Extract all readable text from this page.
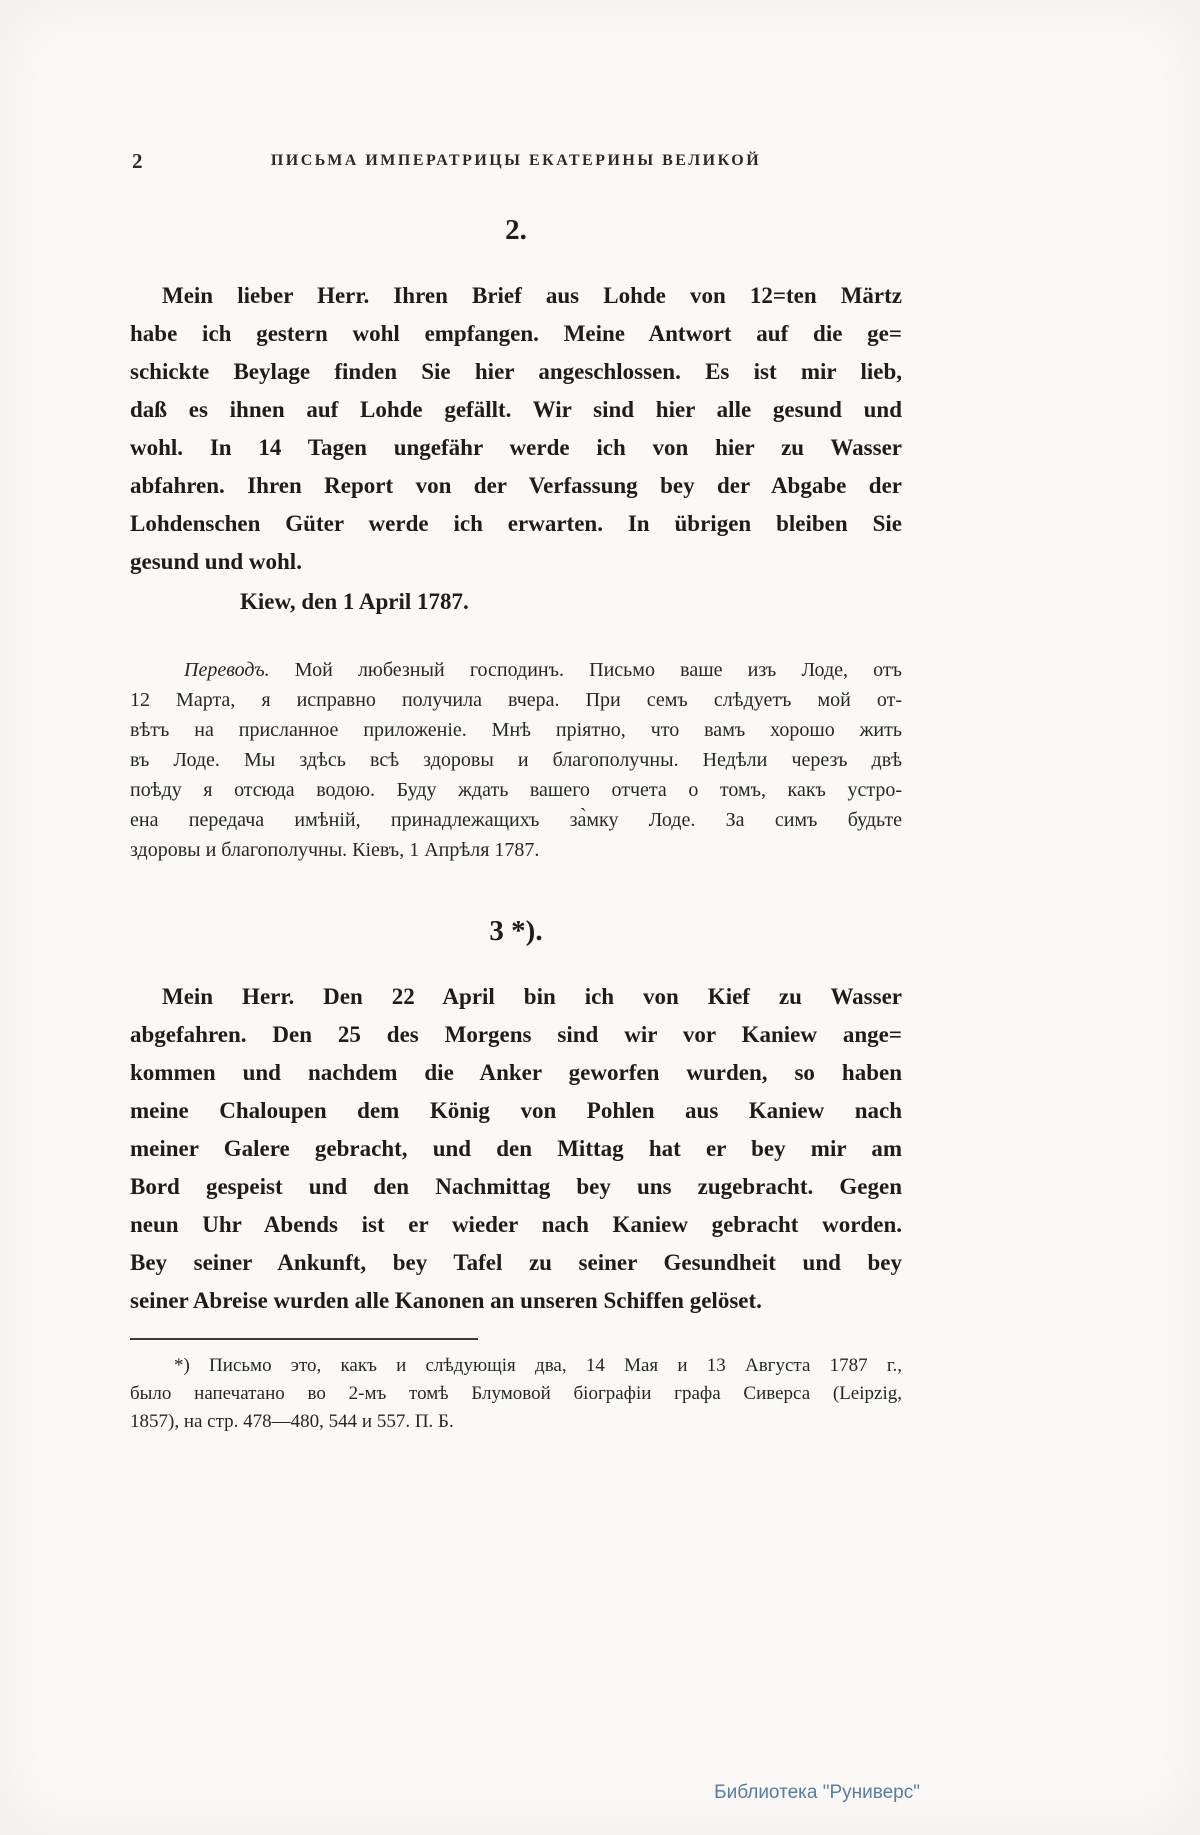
2	ПИСЬМА ИМПЕРАТРИЦЫ ЕКАТЕРИНЫ ВЕЛИКОЙ
2.
Mein lieber Herr. Ihren Brief aus Lohde von 12=ten Märtz
habe ich gestern wohl empfangen. Meine Antwort auf die ge=
schickte Beylage finden Sie hier angeschlossen. Es ist mir lieb,
daß es ihnen auf Lohde gefällt. Wir sind hier alle gesund und
wohl. In 14 Tagen ungefähr werde ich von hier zu Wasser
abfahren. Ihren Report von der Verfassung bey der Abgabe der
Lohdenschen Güter werde ich erwarten. In übrigen bleiben Sie
gesund und wohl.
Kiew, den 1 April 1787.
Переводъ. Мой любезный господинъ. Письмо ваше изъ Лоде, отъ
12 Марта, я исправно получила вчера. При семъ слѣдуетъ мой от-
вѣтъ на присланное приложеніе. Мнѣ пріятно, что вамъ хорошо жить
въ Лоде. Мы здѣсь всѣ здоровы и благополучны. Недѣли черезъ двѣ
поѣду я отсюда водою. Буду ждать вашего отчета о томъ, какъ устро-
ена передача имѣній, принадлежащихъ за̀мку Лоде. За симъ будьте
здоровы и благополучны. Кіевъ, 1 Апрѣля 1787.
3 *).
Mein Herr. Den 22 April bin ich von Kief zu Wasser
abgefahren. Den 25 des Morgens sind wir vor Kaniew ange=
kommen und nachdem die Anker geworfen wurden, so haben
meine Chaloupen dem König von Pohlen aus Kaniew nach
meiner Galere gebracht, und den Mittag hat er bey mir am
Bord gespeist und den Nachmittag bey uns zugebracht. Gegen
neun Uhr Abends ist er wieder nach Kaniew gebracht worden.
Bey seiner Ankunft, bey Tafel zu seiner Gesundheit und bey
seiner Abreise wurden alle Kanonen an unseren Schiffen gelöset.
*) Письмо это, какъ и слѣдующія два, 14 Мая и 13 Августа 1787 г.,
было напечатано во 2-мъ томѣ Блумовой біографіи графа Сиверса (Leipzig,
1857), на стр. 478—480, 544 и 557. П. Б.
Библиотека "Руниверс"
